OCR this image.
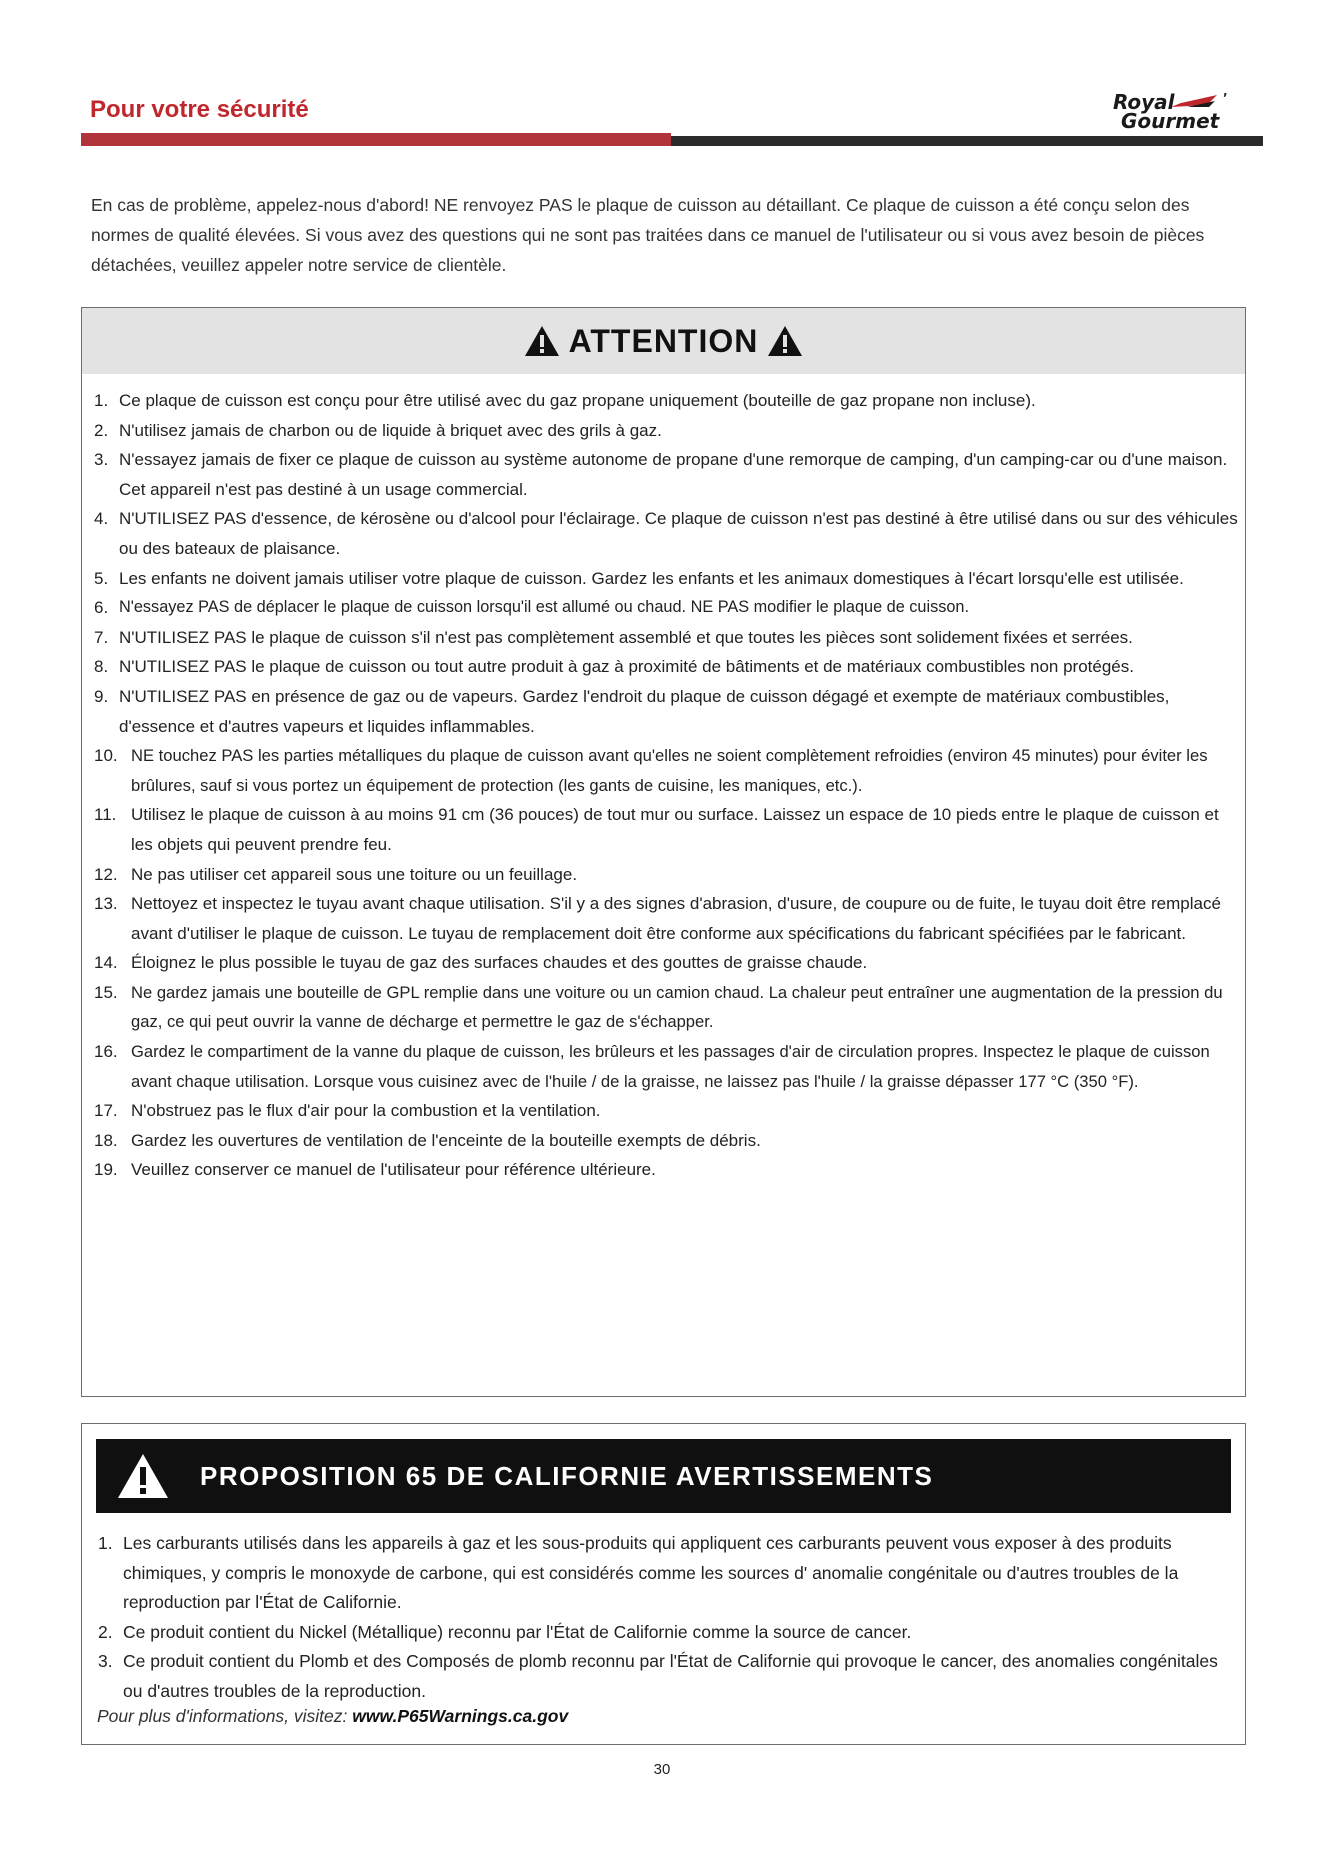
Pour votre sécurité	Royal	’
Gourmet

En cas de problème, appelez-nous d'abord! NE renvoyez PAS le plaque de cuisson au détaillant. Ce plaque de cuisson a été conçu selon des normes de qualité élevées. Si vous avez des questions qui ne sont pas traitées dans ce manuel de l'utilisateur ou si vous avez besoin de pièces détachées, veuillez appeler notre service de clientèle.

ATTENTION
1. Ce plaque de cuisson est conçu pour être utilisé avec du gaz propane uniquement (bouteille de gaz propane non incluse).
2. N'utilisez jamais de charbon ou de liquide à briquet avec des grils à gaz.
3. N'essayez jamais de fixer ce plaque de cuisson au système autonome de propane d'une remorque de camping, d'un camping-car ou d'une maison. Cet appareil n'est pas destiné à un usage commercial.
4. N'UTILISEZ PAS d'essence, de kérosène ou d'alcool pour l'éclairage. Ce plaque de cuisson n'est pas destiné à être utilisé dans ou sur des véhicules ou des bateaux de plaisance.
5. Les enfants ne doivent jamais utiliser votre plaque de cuisson. Gardez les enfants et les animaux domestiques à l'écart lorsqu'elle est utilisée.
6. N'essayez PAS de déplacer le plaque de cuisson lorsqu'il est allumé ou chaud. NE PAS modifier le plaque de cuisson.
7. N'UTILISEZ PAS le plaque de cuisson s'il n'est pas complètement assemblé et que toutes les pièces sont solidement fixées et serrées.
8. N'UTILISEZ PAS le plaque de cuisson ou tout autre produit à gaz à proximité de bâtiments et de matériaux combustibles non protégés.
9. N'UTILISEZ PAS en présence de gaz ou de vapeurs. Gardez l'endroit du plaque de cuisson dégagé et exempte de matériaux combustibles, d'essence et d'autres vapeurs et liquides inflammables.
10. NE touchez PAS les parties métalliques du plaque de cuisson avant qu'elles ne soient complètement refroidies (environ 45 minutes) pour éviter les brûlures, sauf si vous portez un équipement de protection (les gants de cuisine, les maniques, etc.).
11. Utilisez le plaque de cuisson à au moins 91 cm (36 pouces) de tout mur ou surface. Laissez un espace de 10 pieds entre le plaque de cuisson et les objets qui peuvent prendre feu.
12. Ne pas utiliser cet appareil sous une toiture ou un feuillage.
13. Nettoyez et inspectez le tuyau avant chaque utilisation. S'il y a des signes d'abrasion, d'usure, de coupure ou de fuite, le tuyau doit être remplacé avant d'utiliser le plaque de cuisson. Le tuyau de remplacement doit être conforme aux spécifications du fabricant spécifiées par le fabricant.
14. Éloignez le plus possible le tuyau de gaz des surfaces chaudes et des gouttes de graisse chaude.
15. Ne gardez jamais une bouteille de GPL remplie dans une voiture ou un camion chaud. La chaleur peut entraîner une augmentation de la pression du gaz, ce qui peut ouvrir la vanne de décharge et permettre le gaz de s'échapper.
16. Gardez le compartiment de la vanne du plaque de cuisson, les brûleurs et les passages d'air de circulation propres. Inspectez le plaque de cuisson avant chaque utilisation. Lorsque vous cuisinez avec de l'huile / de la graisse, ne laissez pas l'huile / la graisse dépasser 177 °C (350 °F).
17. N'obstruez pas le flux d'air pour la combustion et la ventilation.
18. Gardez les ouvertures de ventilation de l'enceinte de la bouteille exempts de débris.
19. Veuillez conserver ce manuel de l'utilisateur pour référence ultérieure.
PROPOSITION 65 DE CALIFORNIE AVERTISSEMENTS
1. Les carburants utilisés dans les appareils à gaz et les sous-produits qui appliquent ces carburants peuvent vous exposer à des produits chimiques, y compris le monoxyde de carbone, qui est considérés comme les sources d' anomalie congénitale ou d'autres troubles de la reproduction par l'État de Californie.
2. Ce produit contient du Nickel (Métallique) reconnu par l'État de Californie comme la source de cancer.
3. Ce produit contient du Plomb et des Composés de plomb reconnu par l'État de Californie qui provoque le cancer, des anomalies congénitales ou d'autres troubles de la reproduction.
Pour plus d'informations, visitez: www.P65Warnings.ca.gov
30
